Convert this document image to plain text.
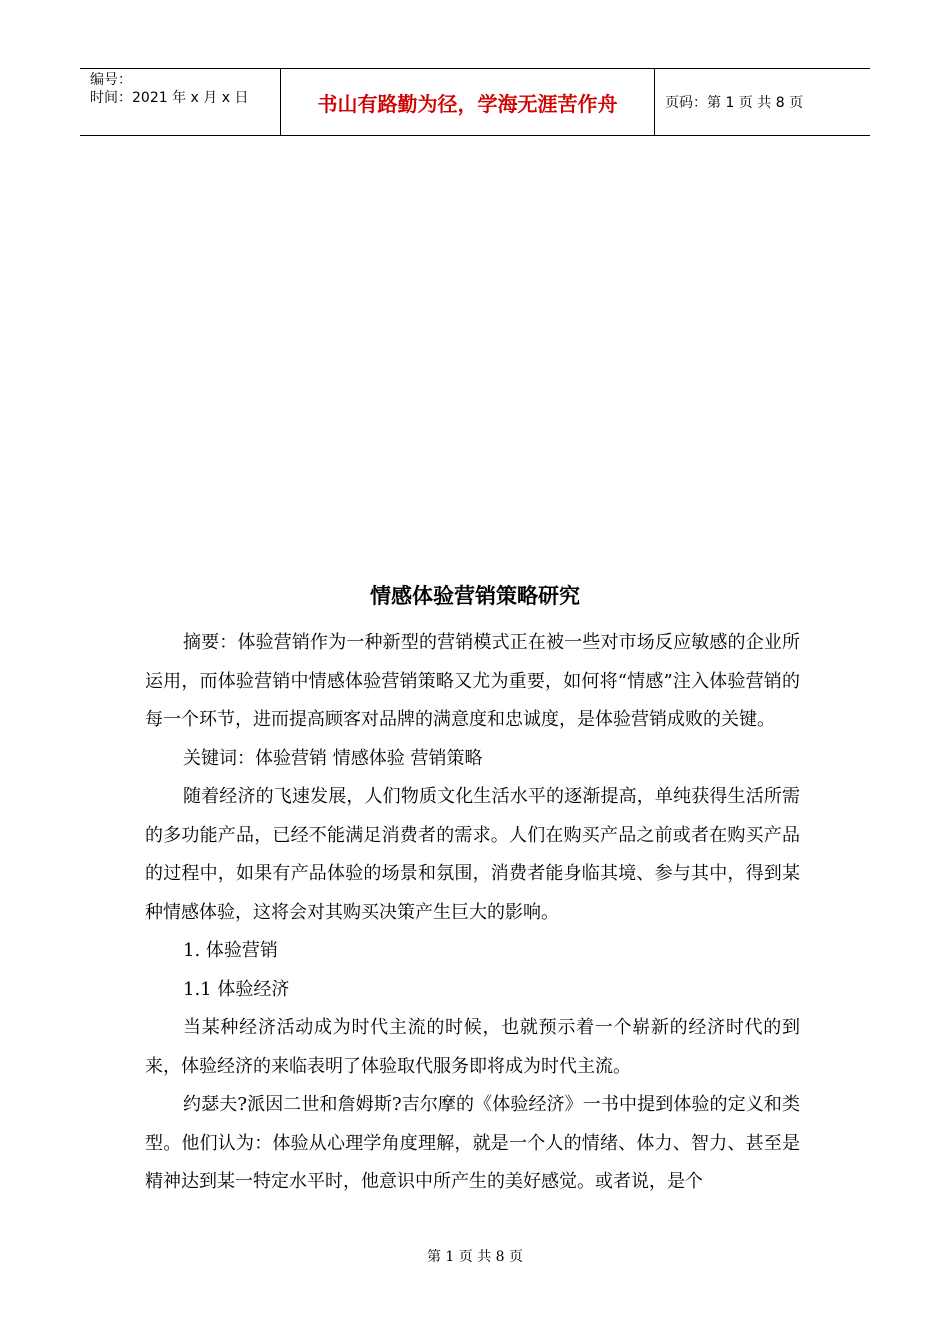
编号：
时间：2021 年 x 月 x 日	书山有路勤为径，学海无涯苦作舟	页码：第 1 页 共 8 页
情感体验营销策略研究

摘要：体验营销作为一种新型的营销模式正在被一些对市场反应敏感的企业所运用，而体验营销中情感体验营销策略又尤为重要，如何将“情感”注入体验营销的每一个环节，进而提高顾客对品牌的满意度和忠诚度，是体验营销成败的关键。

关键词：体验营销 情感体验 营销策略

随着经济的飞速发展，人们物质文化生活水平的逐渐提高，单纯获得生活所需的多功能产品，已经不能满足消费者的需求。人们在购买产品之前或者在购买产品的过程中，如果有产品体验的场景和氛围，消费者能身临其境、参与其中，得到某种情感体验，这将会对其购买决策产生巨大的影响。

1. 体验营销

1.1 体验经济

当某种经济活动成为时代主流的时候，也就预示着一个崭新的经济时代的到来，体验经济的来临表明了体验取代服务即将成为时代主流。

约瑟夫?派因二世和詹姆斯?吉尔摩的《体验经济》一书中提到体验的定义和类型。他们认为：体验从心理学角度理解，就是一个人的情绪、体力、智力、甚至是精神达到某一特定水平时，他意识中所产生的美好感觉。或者说，是个

第 1 页 共 8 页
